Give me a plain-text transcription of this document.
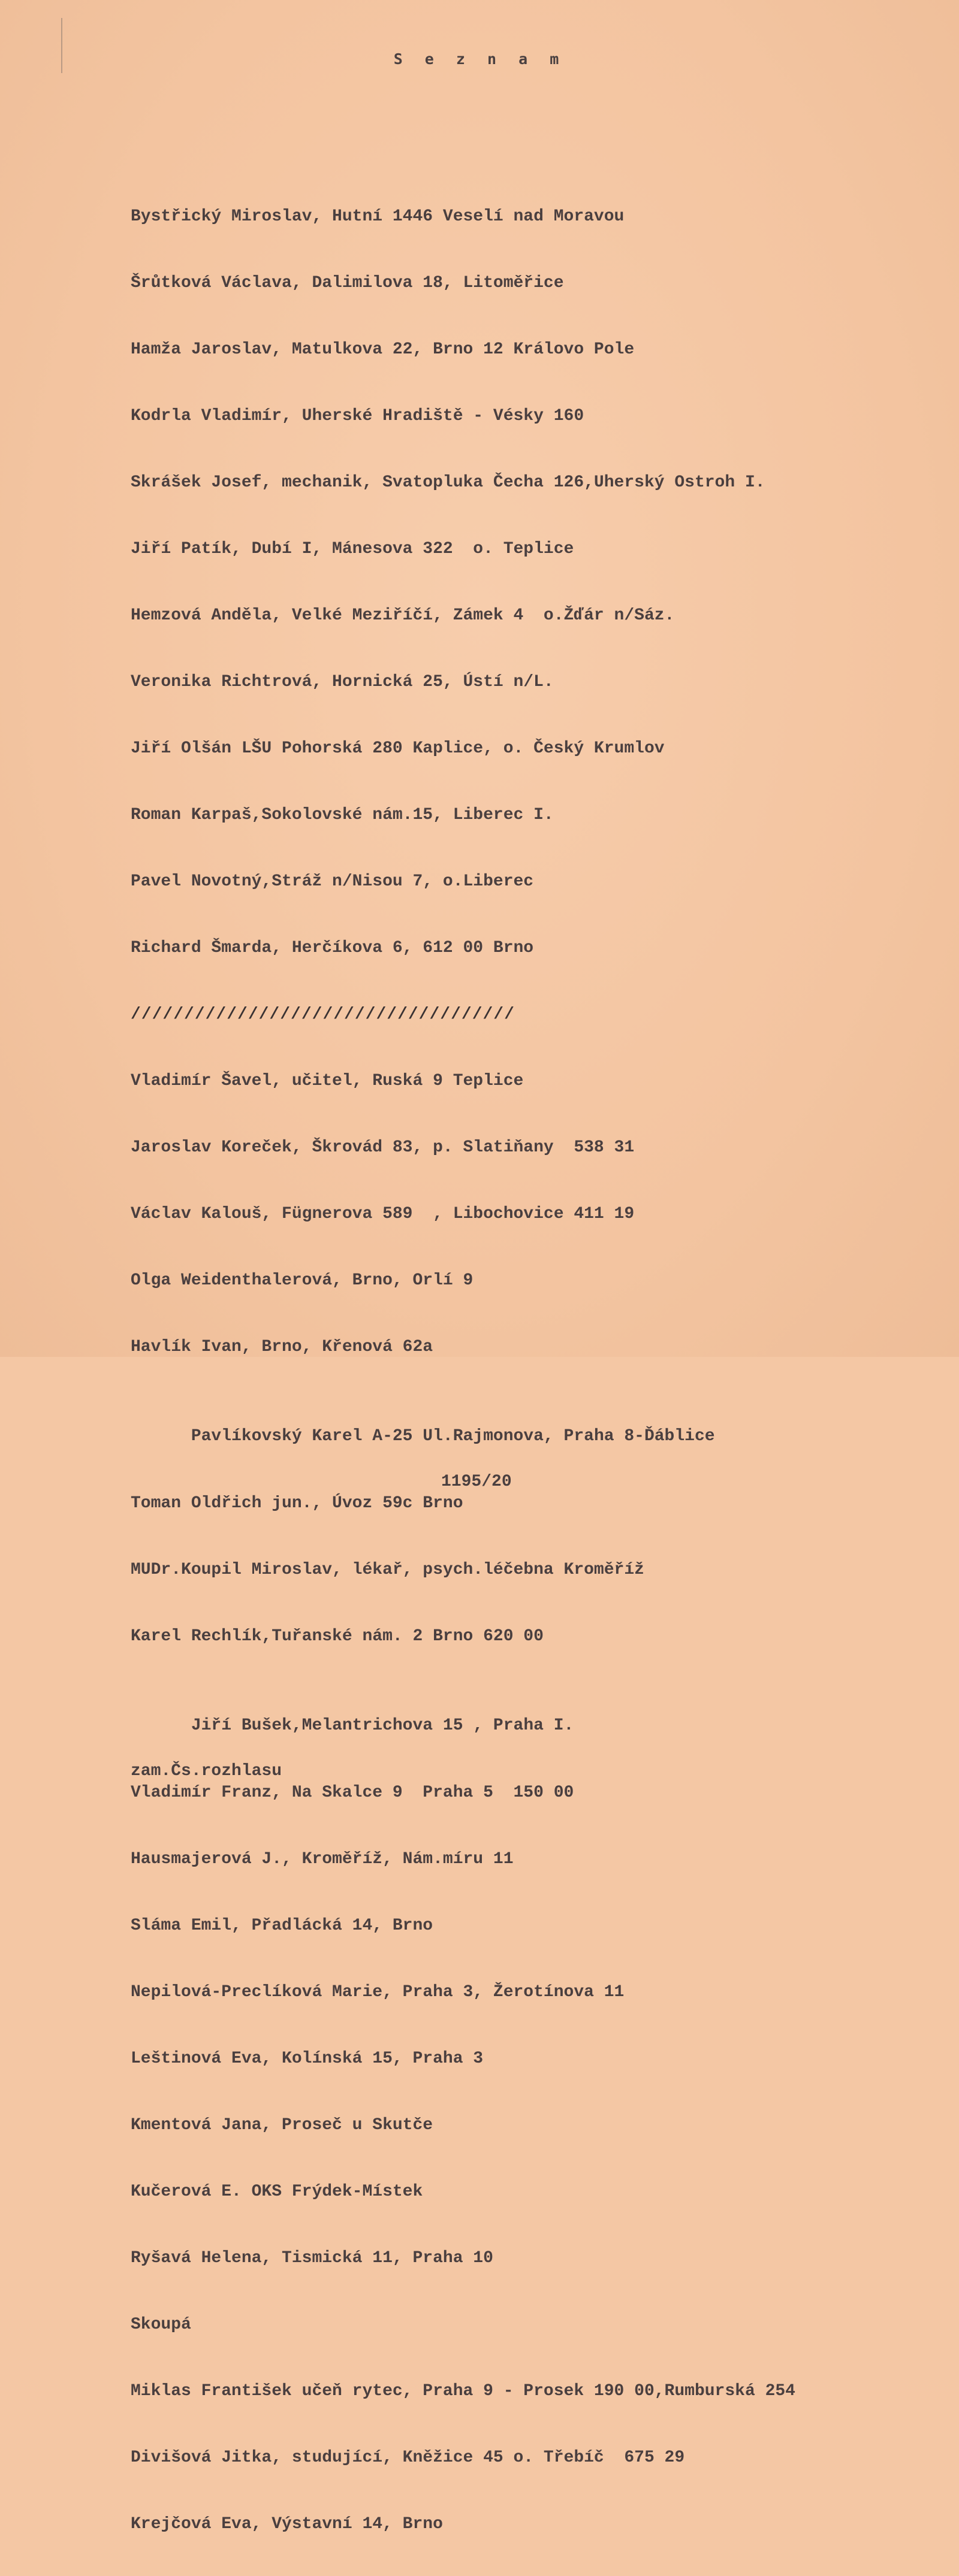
S e z n a m

Bystřický Miroslav, Hutní 1446 Veselí nad Moravou

Šrůtková Václava, Dalimilova 18, Litoměřice

Hamža Jaroslav, Matulkova 22, Brno 12 Královo Pole

Kodrla Vladimír, Uherské Hradiště - Vésky 160

Skrášek Josef, mechanik, Svatopluka Čecha 126,Uherský Ostroh I.

Jiří Patík, Dubí I, Mánesova 322  o. Teplice

Hemzová Anděla, Velké Meziříčí, Zámek 4  o.Žďár n/Sáz.

Veronika Richtrová, Hornická 25, Ústí n/L.

Jiří Olšán LŠU Pohorská 280 Kaplice, o. Český Krumlov

Roman Karpaš,Sokolovské nám.15, Liberec I.

Pavel Novotný,Stráž n/Nisou 7, o.Liberec

Richard Šmarda, Herčíkova 6, 612 00 Brno

////////////////////////////////////

Vladimír Šavel, učitel, Ruská 9 Teplice

Jaroslav Koreček, Škrovád 83, p. Slatiňany  538 31

Václav Kalouš, Fügnerova 589  , Libochovice 411 19

Olga Weidenthalerová, Brno, Orlí 9

Havlík Ivan, Brno, Křenová 62a

Pavlíkovský Karel A-25 Ul.Rajmonova, Praha 8-Ďáblice

1195/20

Toman Oldřich jun., Úvoz 59c Brno

MUDr.Koupil Miroslav, lékař, psych.léčebna Kroměříž

Karel Rechlík,Tuřanské nám. 2 Brno 620 00

Jiří Bušek,Melantrichova 15 , Praha I.

zam.Čs.rozhlasu

Vladimír Franz, Na Skalce 9  Praha 5  150 00

Hausmajerová J., Kroměříž, Nám.míru 11

Sláma Emil, Přadlácká 14, Brno

Nepilová-Preclíková Marie, Praha 3, Žerotínova 11

Leštinová Eva, Kolínská 15, Praha 3

Kmentová Jana, Proseč u Skutče

Kučerová E. OKS Frýdek-Místek

Ryšavá Helena, Tismická 11, Praha 10

Skoupá

Miklas František učeň rytec, Praha 9 - Prosek 190 00,Rumburská 254

Divišová Jitka, studující, Kněžice 45 o. Třebíč  675 29

Krejčová Eva, Výstavní 14, Brno
